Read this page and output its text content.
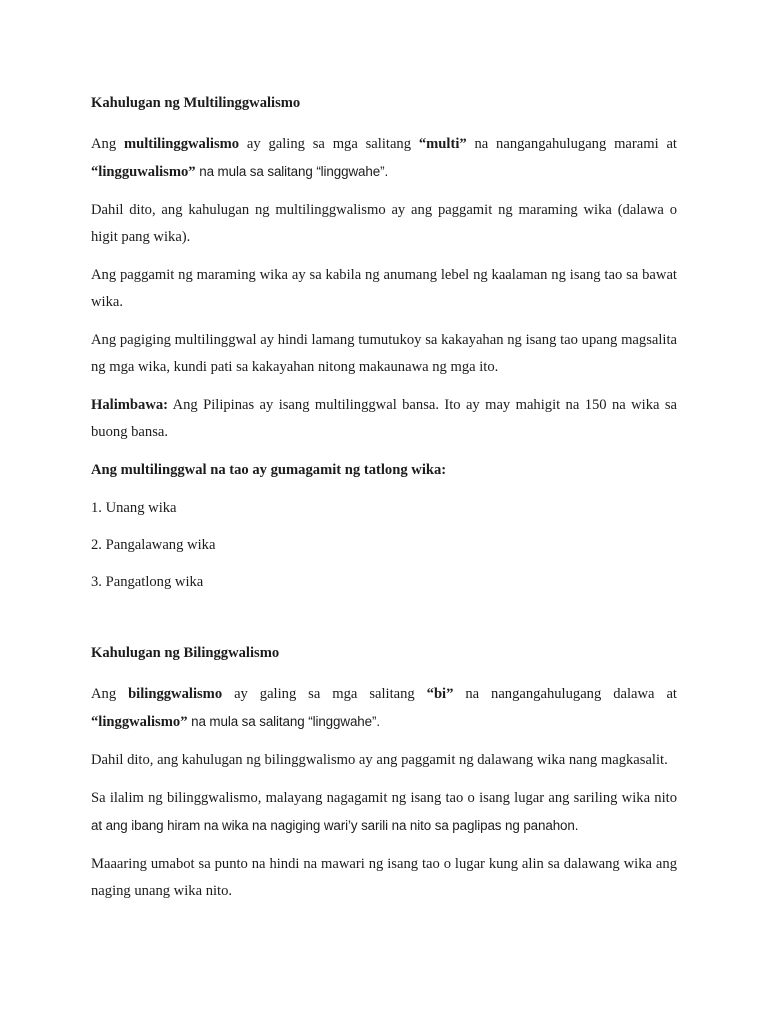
Kahulugan ng Multilinggwalismo

Ang multilinggwalismo ay galing sa mga salitang “multi” na nangangahulugang marami at “lingguwalismo” na mula sa salitang “linggwahe”.

Dahil dito, ang kahulugan ng multilinggwalismo ay ang paggamit ng maraming wika (dalawa o higit pang wika).

Ang paggamit ng maraming wika ay sa kabila ng anumang lebel ng kaalaman ng isang tao sa bawat wika.

Ang pagiging multilinggwal ay hindi lamang tumutukoy sa kakayahan ng isang tao upang magsalita ng mga wika, kundi pati sa kakayahan nitong makaunawa ng mga ito.

Halimbawa: Ang Pilipinas ay isang multilinggwal bansa. Ito ay may mahigit na 150 na wika sa buong bansa.

Ang multilinggwal na tao ay gumagamit ng tatlong wika:

1. Unang wika
2. Pangalawang wika
3. Pangatlong wika
Kahulugan ng Bilinggwalismo

Ang bilinggwalismo ay galing sa mga salitang “bi” na nangangahulugang dalawa at “linggwalismo” na mula sa salitang “linggwahe”.

Dahil dito, ang kahulugan ng bilinggwalismo ay ang paggamit ng dalawang wika nang magkasalit.

Sa ilalim ng bilinggwalismo, malayang nagagamit ng isang tao o isang lugar ang sariling wika nito at ang ibang hiram na wika na nagiging wari’y sarili na nito sa paglipas ng panahon.

Maaaring umabot sa punto na hindi na mawari ng isang tao o lugar kung alin sa dalawang wika ang naging unang wika nito.
